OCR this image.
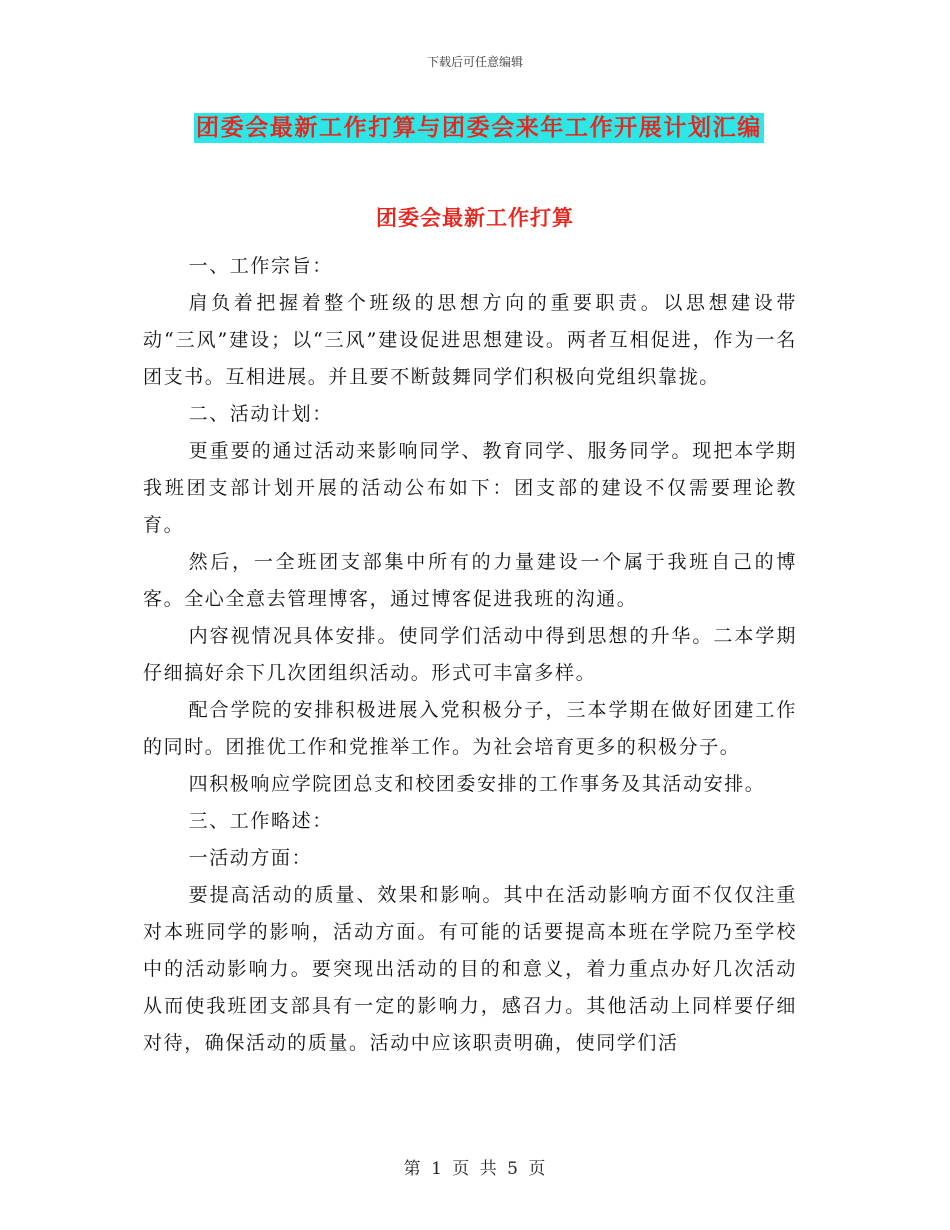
下载后可任意编辑
团委会最新工作打算与团委会来年工作开展计划汇编
团委会最新工作打算

一、工作宗旨：

肩负着把握着整个班级的思想方向的重要职责。以思想建设带动“三风”建设；以“三风”建设促进思想建设。两者互相促进，作为一名团支书。互相进展。并且要不断鼓舞同学们积极向党组织靠拢。

二、活动计划：

更重要的通过活动来影响同学、教育同学、服务同学。现把本学期我班团支部计划开展的活动公布如下：团支部的建设不仅需要理论教育。

然后，一全班团支部集中所有的力量建设一个属于我班自己的博客。全心全意去管理博客，通过博客促进我班的沟通。

内容视情况具体安排。使同学们活动中得到思想的升华。二本学期仔细搞好余下几次团组织活动。形式可丰富多样。

配合学院的安排积极进展入党积极分子，三本学期在做好团建工作的同时。团推优工作和党推举工作。为社会培育更多的积极分子。

四积极响应学院团总支和校团委安排的工作事务及其活动安排。

三、工作略述：

一活动方面：

要提高活动的质量、效果和影响。其中在活动影响方面不仅仅注重对本班同学的影响，活动方面。有可能的话要提高本班在学院乃至学校中的活动影响力。要突现出活动的目的和意义，着力重点办好几次活动从而使我班团支部具有一定的影响力，感召力。其他活动上同样要仔细对待，确保活动的质量。活动中应该职责明确，使同学们活

第 1 页 共 5 页
